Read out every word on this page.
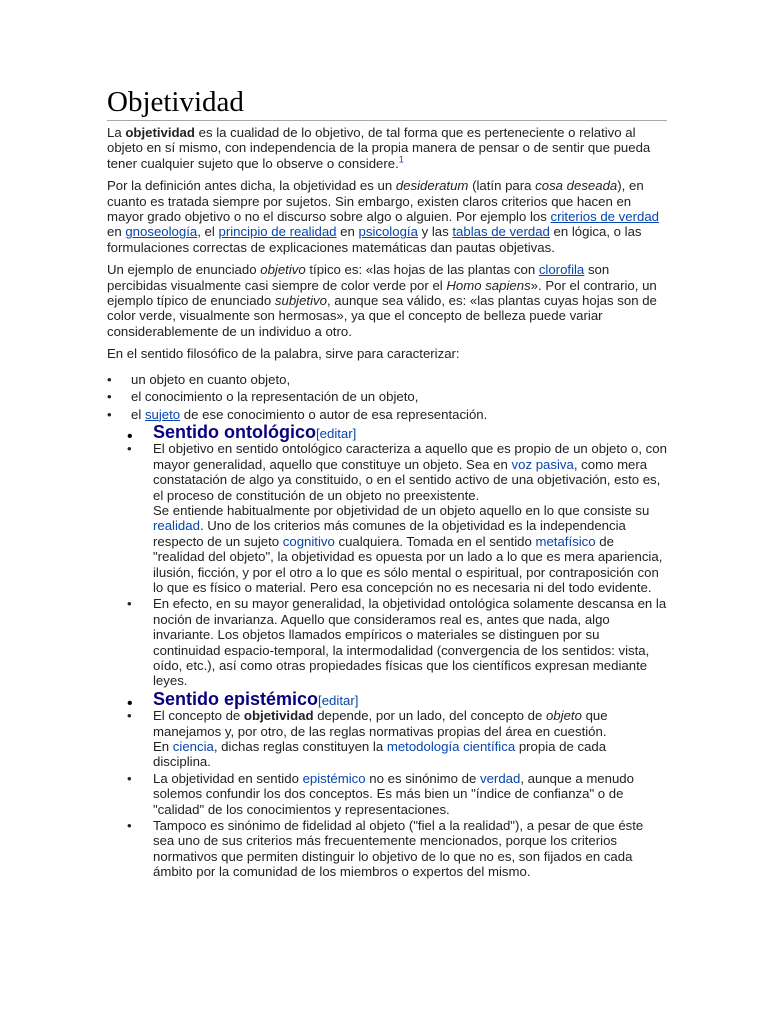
Objetividad

La objetividad es la cualidad de lo objetivo, de tal forma que es perteneciente o relativo al objeto en sí mismo, con independencia de la propia manera de pensar o de sentir que pueda tener cualquier sujeto que lo observe o considere.$^1$

Por la definición antes dicha, la objetividad es un desideratum (latín para cosa deseada), en cuanto es tratada siempre por sujetos. Sin embargo, existen claros criterios que hacen en mayor grado objetivo o no el discurso sobre algo o alguien. Por ejemplo los criterios de verdad en gnoseología, el principio de realidad en psicología y las tablas de verdad en lógica, o las formulaciones correctas de explicaciones matemáticas dan pautas objetivas.

Un ejemplo de enunciado objetivo típico es: «las hojas de las plantas con clorofila son percibidas visualmente casi siempre de color verde por el Homo sapiens». Por el contrario, un ejemplo típico de enunciado subjetivo, aunque sea válido, es: «las plantas cuyas hojas son de color verde, visualmente son hermosas», ya que el concepto de belleza puede variar considerablemente de un individuo a otro.

En el sentido filosófico de la palabra, sirve para caracterizar:

• un objeto en cuanto objeto,
• el conocimiento o la representación de un objeto,
• el sujeto de ese conocimiento o autor de esa representación.
• Sentido ontológico[editar]
• El objetivo en sentido ontológico caracteriza a aquello que es propio de un objeto o, con mayor generalidad, aquello que constituye un objeto. Sea en voz pasiva, como mera constatación de algo ya constituido, o en el sentido activo de una objetivación, esto es, el proceso de constitución de un objeto no preexistente.
Se entiende habitualmente por objetividad de un objeto aquello en lo que consiste su realidad. Uno de los criterios más comunes de la objetividad es la independencia respecto de un sujeto cognitivo cualquiera. Tomada en el sentido metafísico de "realidad del objeto", la objetividad es opuesta por un lado a lo que es mera apariencia, ilusión, ficción, y por el otro a lo que es sólo mental o espiritual, por contraposición con lo que es físico o material. Pero esa concepción no es necesaria ni del todo evidente.
• En efecto, en su mayor generalidad, la objetividad ontológica solamente descansa en la noción de invarianza. Aquello que consideramos real es, antes que nada, algo invariante. Los objetos llamados empíricos o materiales se distinguen por su continuidad espacio-temporal, la intermodalidad (convergencia de los sentidos: vista, oído, etc.), así como otras propiedades físicas que los científicos expresan mediante leyes.
• Sentido epistémico[editar]
• El concepto de objetividad depende, por un lado, del concepto de objeto que manejamos y, por otro, de las reglas normativas propias del área en cuestión.
En ciencia, dichas reglas constituyen la metodología científica propia de cada disciplina.
• La objetividad en sentido epistémico no es sinónimo de verdad, aunque a menudo solemos confundir los dos conceptos. Es más bien un "índice de confianza" o de "calidad" de los conocimientos y representaciones.
• Tampoco es sinónimo de fidelidad al objeto ("fiel a la realidad"), a pesar de que éste sea uno de sus criterios más frecuentemente mencionados, porque los criterios normativos que permiten distinguir lo objetivo de lo que no es, son fijados en cada ámbito por la comunidad de los miembros o expertos del mismo.
